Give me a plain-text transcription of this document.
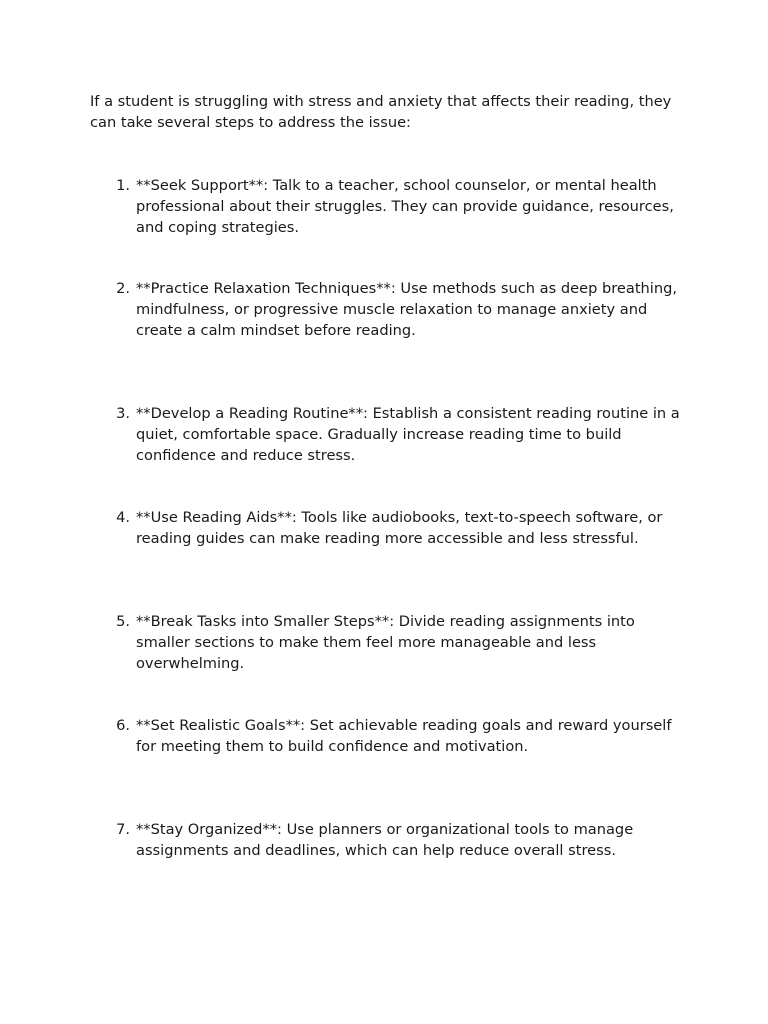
If a student is struggling with stress and anxiety that affects their reading, they can take several steps to address the issue:

1. **Seek Support**: Talk to a teacher, school counselor, or mental health professional about their struggles. They can provide guidance, resources, and coping strategies.

2. **Practice Relaxation Techniques**: Use methods such as deep breathing, mindfulness, or progressive muscle relaxation to manage anxiety and create a calm mindset before reading.

3. **Develop a Reading Routine**: Establish a consistent reading routine in a quiet, comfortable space. Gradually increase reading time to build confidence and reduce stress.

4. **Use Reading Aids**: Tools like audiobooks, text-to-speech software, or reading guides can make reading more accessible and less stressful.

5. **Break Tasks into Smaller Steps**: Divide reading assignments into smaller sections to make them feel more manageable and less overwhelming.

6. **Set Realistic Goals**: Set achievable reading goals and reward yourself for meeting them to build confidence and motivation.

7. **Stay Organized**: Use planners or organizational tools to manage assignments and deadlines, which can help reduce overall stress.
